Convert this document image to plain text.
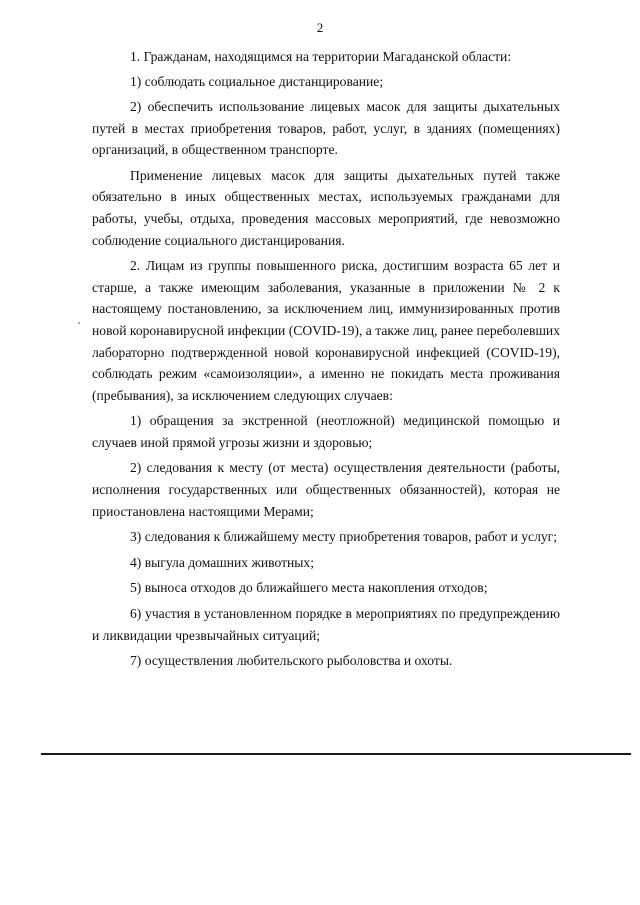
2

1. Гражданам, находящимся на территории Магаданской области:

1) соблюдать социальное дистанцирование;

2) обеспечить использование лицевых масок для защиты дыхательных путей в местах приобретения товаров, работ, услуг, в зданиях (помещениях) организаций, в общественном транспорте.

Применение лицевых масок для защиты дыхательных путей также обязательно в иных общественных местах, используемых гражданами для работы, учебы, отдыха, проведения массовых мероприятий, где невозможно соблюдение социального дистанцирования.

2. Лицам из группы повышенного риска, достигшим возраста 65 лет и старше, а также имеющим заболевания, указанные в приложении № 2 к настоящему постановлению, за исключением лиц, иммунизированных против новой коронавирусной инфекции (COVID-19), а также лиц, ранее переболевших лабораторно подтвержденной новой коронавирусной инфекцией (COVID-19), соблюдать режим «самоизоляции», а именно не покидать места проживания (пребывания), за исключением следующих случаев:

1) обращения за экстренной (неотложной) медицинской помощью и случаев иной прямой угрозы жизни и здоровью;

2) следования к месту (от места) осуществления деятельности (работы, исполнения государственных или общественных обязанностей), которая не приостановлена настоящими Мерами;

3) следования к ближайшему месту приобретения товаров, работ и услуг;

4) выгула домашних животных;

5) выноса отходов до ближайшего места накопления отходов;

6) участия в установленном порядке в мероприятиях по предупреждению и ликвидации чрезвычайных ситуаций;

7) осуществления любительского рыболовства и охоты.
